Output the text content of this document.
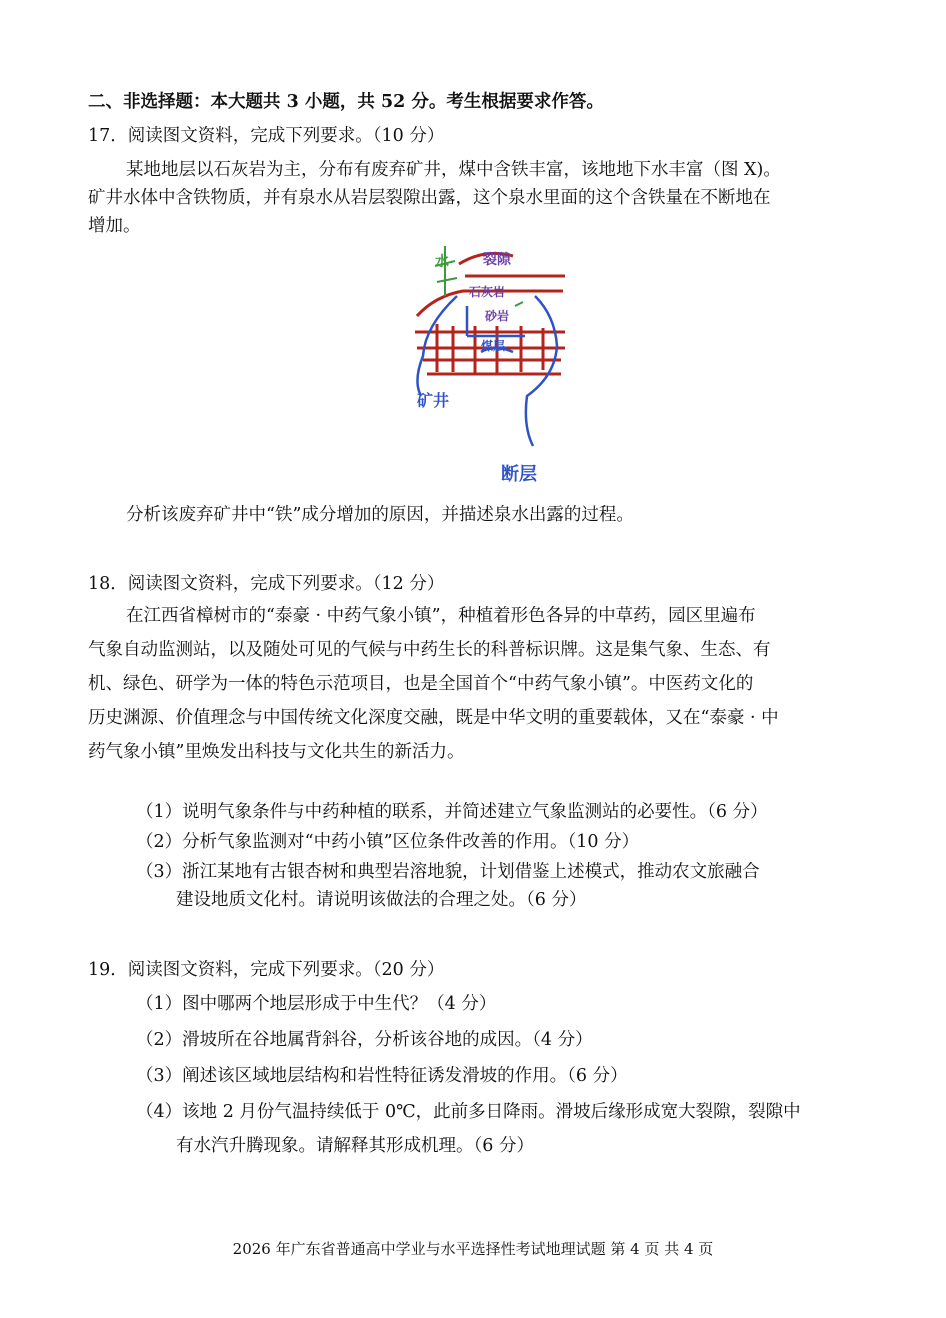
二、非选择题：本大题共 3 小题，共 52 分。考生根据要求作答。
17．阅读图文资料，完成下列要求。（10 分）
某地地层以石灰岩为主，分布有废弃矿井，煤中含铁丰富，该地地下水丰富（图 X)。
矿井水体中含铁物质，并有泉水从岩层裂隙出露，这个泉水里面的这个含铁量在不断地在
增加。
水 裂隙
石灰岩
砂岩
煤层
矿井
断层
分析该废弃矿井中“铁”成分增加的原因，并描述泉水出露的过程。
18．阅读图文资料，完成下列要求。（12 分）
在江西省樟树市的“泰豪 · 中药气象小镇”，种植着形色各异的中草药，园区里遍布
气象自动监测站，以及随处可见的气候与中药生长的科普标识牌。这是集气象、生态、有
机、绿色、研学为一体的特色示范项目，也是全国首个“中药气象小镇”。中医药文化的
历史渊源、价值理念与中国传统文化深度交融，既是中华文明的重要载体，又在“泰豪 · 中
药气象小镇”里焕发出科技与文化共生的新活力。
（1）说明气象条件与中药种植的联系，并简述建立气象监测站的必要性。（6 分）
（2）分析气象监测对“中药小镇”区位条件改善的作用。（10 分）
（3）浙江某地有古银杏树和典型岩溶地貌，计划借鉴上述模式，推动农文旅融合
建设地质文化村。请说明该做法的合理之处。（6 分）
19．阅读图文资料，完成下列要求。（20 分）
（1）图中哪两个地层形成于中生代？（4 分）
（2）滑坡所在谷地属背斜谷，分析该谷地的成因。（4 分）
（3）阐述该区域地层结构和岩性特征诱发滑坡的作用。（6 分）
（4）该地 2 月份气温持续低于 0℃，此前多日降雨。滑坡后缘形成宽大裂隙，裂隙中
有水汽升腾现象。请解释其形成机理。（6 分）
2026 年广东省普通高中学业与水平选择性考试地理试题 第 4 页 共 4 页
